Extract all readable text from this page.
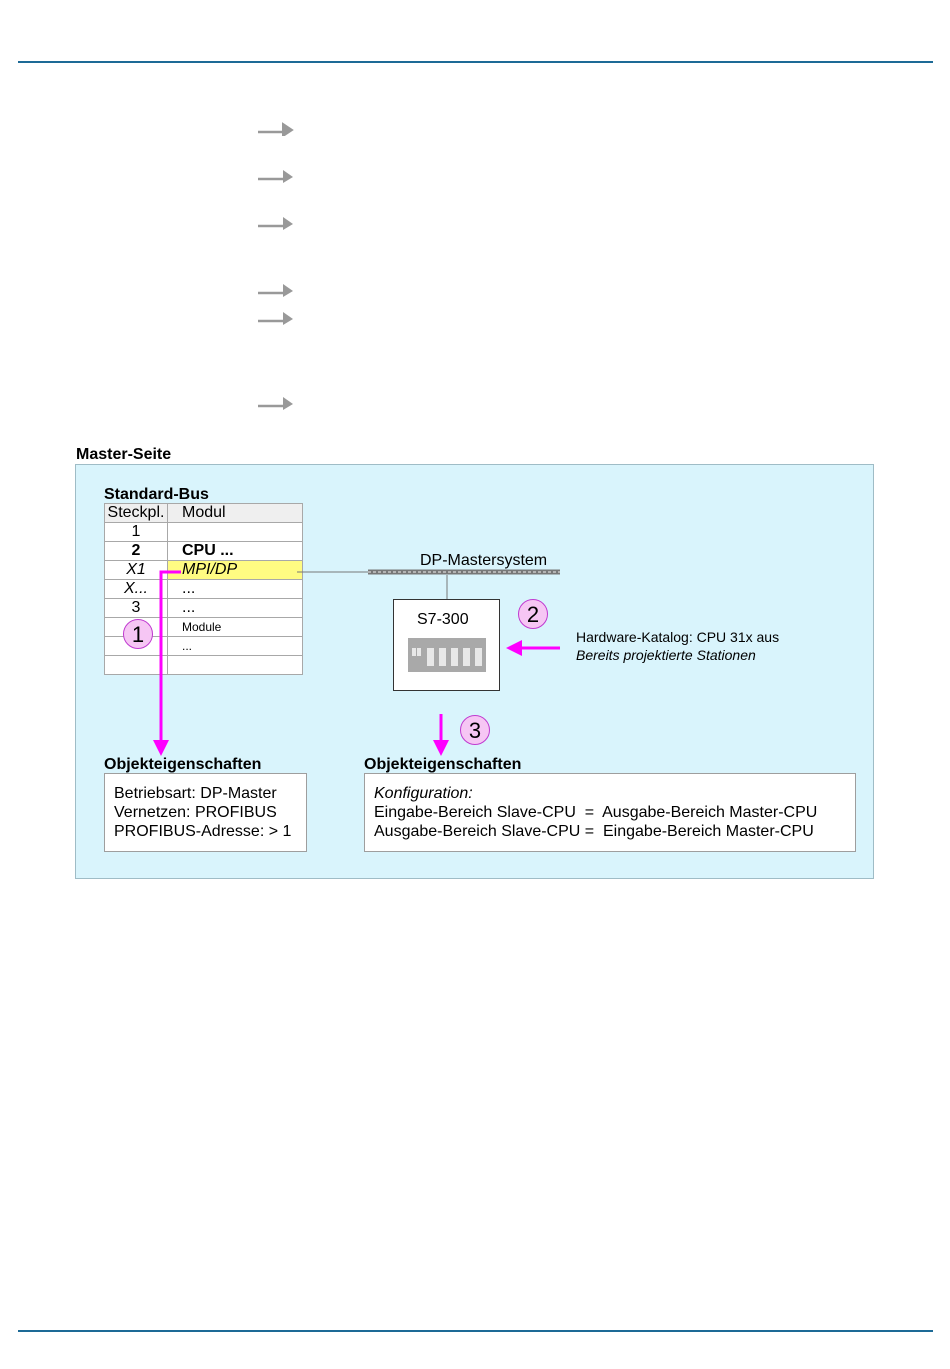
Master-Seite
Standard-Bus
Steckpl.	Modul
1	
2	CPU ...
X1	MPI/DP
X...	...
3	...
	Module
	...

DP-Mastersystem
1
2
3
S7-300
Hardware-Katalog: CPU 31x aus
Bereits projektierte Stationen
Objekteigenschaften
Betriebsart: DP-Master
Vernetzen: PROFIBUS
PROFIBUS-Adresse: > 1
Objekteigenschaften
Konfiguration:
Eingabe-Bereich Slave-CPU  =  Ausgabe-Bereich Master-CPU
Ausgabe-Bereich Slave-CPU =  Eingabe-Bereich Master-CPU
